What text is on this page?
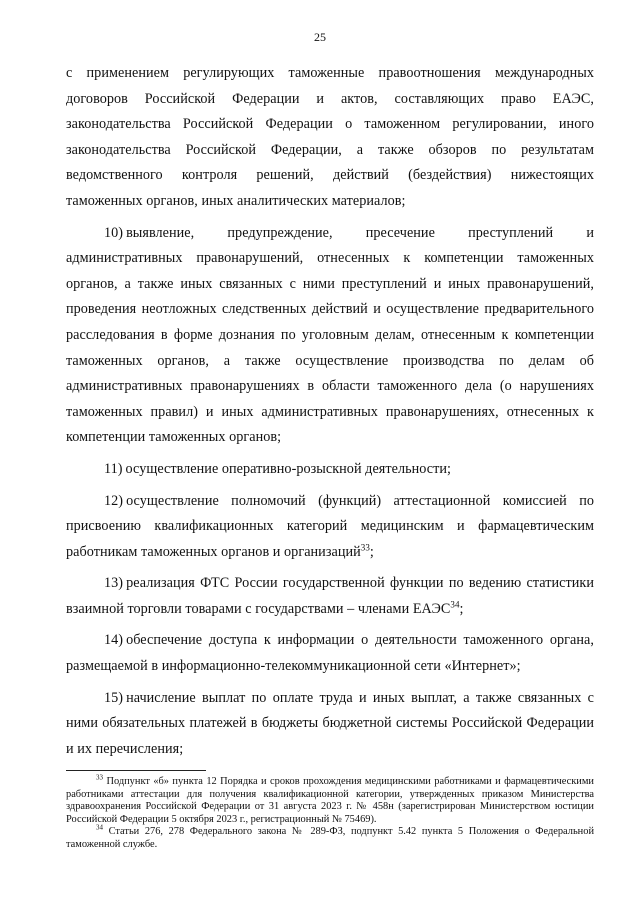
25

с применением регулирующих таможенные правоотношения международных договоров Российской Федерации и актов, составляющих право ЕАЭС, законодательства Российской Федерации о таможенном регулировании, иного законодательства Российской Федерации, а также обзоров по результатам ведомственного контроля решений, действий (бездействия) нижестоящих таможенных органов, иных аналитических материалов;

10) выявление, предупреждение, пресечение преступлений и административных правонарушений, отнесенных к компетенции таможенных органов, а также иных связанных с ними преступлений и иных правонарушений, проведения неотложных следственных действий и осуществление предварительного расследования в форме дознания по уголовным делам, отнесенным к компетенции таможенных органов, а также осуществление производства по делам об административных правонарушениях в области таможенного дела (о нарушениях таможенных правил) и иных административных правонарушениях, отнесенных к компетенции таможенных органов;

11) осуществление оперативно-розыскной деятельности;

12) осуществление полномочий (функций) аттестационной комиссией по присвоению квалификационных категорий медицинским и фармацевтическим работникам таможенных органов и организаций$^{33}$;

13) реализация ФТС России государственной функции по ведению статистики взаимной торговли товарами с государствами – членами ЕАЭС$^{34}$;

14) обеспечение доступа к информации о деятельности таможенного органа, размещаемой в информационно-телекоммуникационной сети «Интернет»;

15) начисление выплат по оплате труда и иных выплат, а также связанных с ними обязательных платежей в бюджеты бюджетной системы Российской Федерации и их перечисления;

$^{33}$ Подпункт «б» пункта 12 Порядка и сроков прохождения медицинскими работниками и фармацевтическими работниками аттестации для получения квалификационной категории, утвержденных приказом Министерства здравоохранения Российской Федерации от 31 августа 2023 г. № 458н (зарегистрирован Министерством юстиции Российской Федерации 5 октября 2023 г., регистрационный № 75469).

$^{34}$ Статьи 276, 278 Федерального закона № 289-ФЗ, подпункт 5.42 пункта 5 Положения о Федеральной таможенной службе.
